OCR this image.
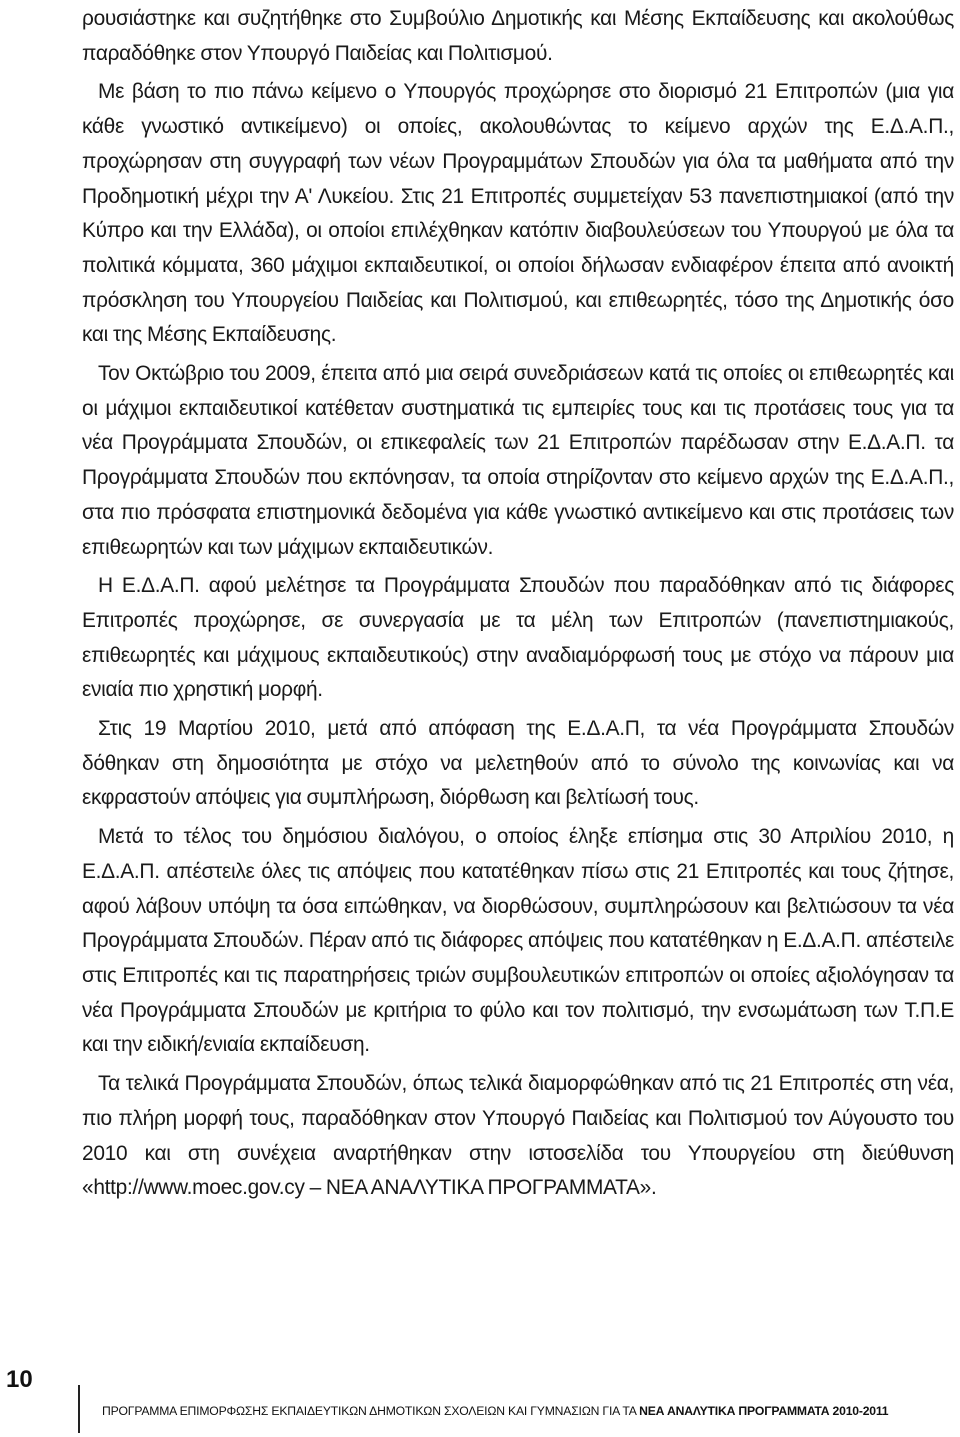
ρουσιάστηκε και συζητήθηκε στο Συμβούλιο Δημοτικής και Μέσης Εκπαίδευσης και ακολούθως παραδόθηκε στον Υπουργό Παιδείας και Πολιτισμού.

Με βάση το πιο πάνω κείμενο ο Υπουργός προχώρησε στο διορισμό 21 Επιτροπών (μια για κάθε γνωστικό αντικείμενο) οι οποίες, ακολουθώντας το κείμενο αρχών της Ε.Δ.Α.Π., προχώρησαν στη συγγραφή των νέων Προγραμμάτων Σπουδών για όλα τα μαθήματα από την Προδημοτική μέχρι την Α' Λυκείου. Στις 21 Επιτροπές συμμετείχαν 53 πανεπιστημιακοί (από την Κύπρο και την Ελλάδα), οι οποίοι επιλέχθηκαν κατόπιν διαβουλεύσεων του Υπουργού με όλα τα πολιτικά κόμματα, 360 μάχιμοι εκπαιδευτικοί, οι οποίοι δήλωσαν ενδιαφέρον έπειτα από ανοικτή πρόσκληση του Υπουργείου Παιδείας και Πολιτισμού, και επιθεωρητές, τόσο της Δημοτικής όσο και της Μέσης Εκπαίδευσης.

Τον Οκτώβριο του 2009, έπειτα από μια σειρά συνεδριάσεων κατά τις οποίες οι επιθεωρητές και οι μάχιμοι εκπαιδευτικοί κατέθεταν συστηματικά τις εμπειρίες τους και τις προτάσεις τους για τα νέα Προγράμματα Σπουδών, οι επικεφαλείς των 21 Επιτροπών παρέδωσαν στην Ε.Δ.Α.Π. τα Προγράμματα Σπουδών που εκπόνησαν, τα οποία στηρίζονταν στο κείμενο αρχών της Ε.Δ.Α.Π., στα πιο πρόσφατα επιστημονικά δεδομένα για κάθε γνωστικό αντικείμενο και στις προτάσεις των επιθεωρητών και των μάχιμων εκπαιδευτικών.

Η Ε.Δ.Α.Π. αφού μελέτησε τα Προγράμματα Σπουδών που παραδόθηκαν από τις διάφορες Επιτροπές προχώρησε, σε συνεργασία με τα μέλη των Επιτροπών (πανεπιστημιακούς, επιθεωρητές και μάχιμους εκπαιδευτικούς) στην αναδιαμόρφωσή τους με στόχο να πάρουν μια ενιαία πιο χρηστική μορφή.

Στις 19 Μαρτίου 2010, μετά από απόφαση της Ε.Δ.Α.Π, τα νέα Προγράμματα Σπουδών δόθηκαν στη δημοσιότητα με στόχο να μελετηθούν από το σύνολο της κοινωνίας και να εκφραστούν απόψεις για συμπλήρωση, διόρθωση και βελτίωσή τους.

Μετά το τέλος του δημόσιου διαλόγου, ο οποίος έληξε επίσημα στις 30 Απριλίου 2010, η Ε.Δ.Α.Π. απέστειλε όλες τις απόψεις που κατατέθηκαν πίσω στις 21 Επιτροπές και τους ζήτησε, αφού λάβουν υπόψη τα όσα ειπώθηκαν, να διορθώσουν, συμπληρώσουν και βελτιώσουν τα νέα Προγράμματα Σπουδών. Πέραν από τις διάφορες απόψεις που κατατέθηκαν η Ε.Δ.Α.Π. απέστειλε στις Επιτροπές και τις παρατηρήσεις τριών συμβουλευτικών επιτροπών οι οποίες αξιολόγησαν τα νέα Προγράμματα Σπουδών με κριτήρια το φύλο και τον πολιτισμό, την ενσωμάτωση των Τ.Π.Ε και την ειδική/ενιαία εκπαίδευση.

Τα τελικά Προγράμματα Σπουδών, όπως τελικά διαμορφώθηκαν από τις 21 Επιτροπές στη νέα, πιο πλήρη μορφή τους, παραδόθηκαν στον Υπουργό Παιδείας και Πολιτισμού τον Αύγουστο του 2010 και στη συνέχεια αναρτήθηκαν στην ιστοσελίδα του Υπουργείου στη διεύθυνση «http://www.moec.gov.cy – ΝΕΑ ΑΝΑΛΥΤΙΚΑ ΠΡΟΓΡΑΜΜΑΤΑ».

10
ΠΡΟΓΡΑΜΜΑ ΕΠΙΜΟΡΦΩΣΗΣ ΕΚΠΑΙΔΕΥΤΙΚΩΝ ΔΗΜΟΤΙΚΩΝ ΣΧΟΛΕΙΩΝ ΚΑΙ ΓΥΜΝΑΣΙΩΝ ΓΙΑ ΤΑ ΝΕΑ ΑΝΑΛΥΤΙΚΑ ΠΡΟΓΡΑΜΜΑΤΑ 2010-2011
